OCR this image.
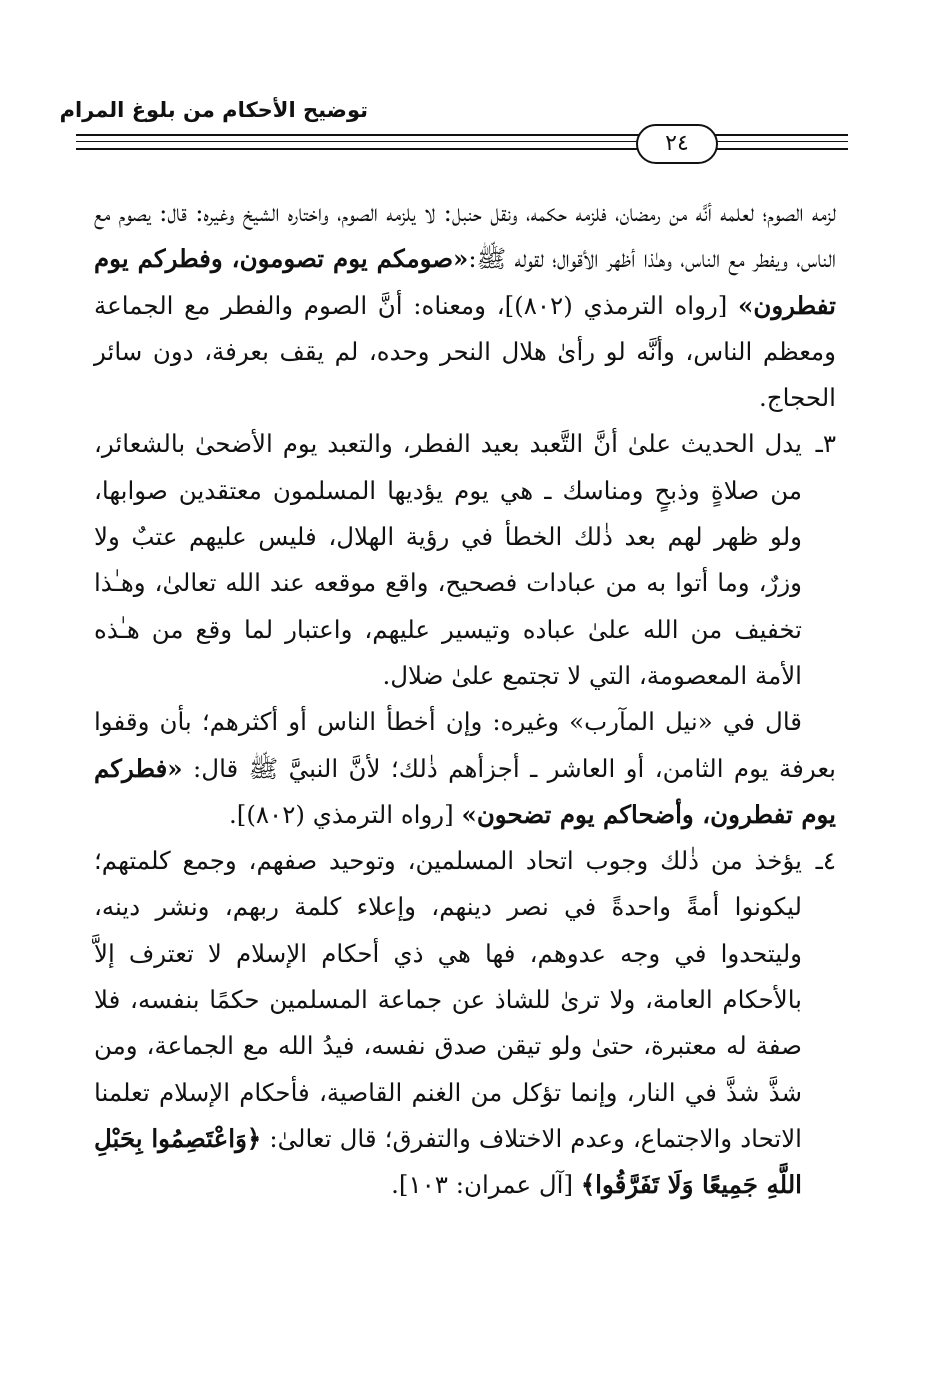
توضيح الأحكام من بلوغ المرام
٢٤

لزمه الصوم؛ لعلمه أنَّه من رمضان، فلزمه حكمه، ونقل حنبل: لا يلزمه الصوم، واختاره الشيخ وغيره: قال: يصوم مع الناس، ويفطر مع الناس، وهـٰذا أظهر الأقوال؛ لقوله ﷺ:«صومكم يوم تصومون، وفطركم يوم تفطرون» [رواه الترمذي (٨٠٢)]، ومعناه: أنَّ الصوم والفطر مع الجماعة ومعظم الناس، وأنَّه لو رأىٰ هلال النحر وحده، لم يقف بعرفة، دون سائر الحجاج.

٣ـيدل الحديث علىٰ أنَّ التَّعبد بعيد الفطر، والتعبد يوم الأضحىٰ بالشعائر، من صلاةٍ وذبحٍ ومناسك ـ هي يوم يؤديها المسلمون معتقدين صوابها، ولو ظهر لهم بعد ذٰلك الخطأ في رؤية الهلال، فليس عليهم عتبٌ ولا وزرٌ، وما أتوا به من عبادات فصحيح، واقع موقعه عند الله تعالىٰ، وهـٰذا تخفيف من الله علىٰ عباده وتيسير عليهم، واعتبار لما وقع من هـٰذه الأمة المعصومة، التي لا تجتمع علىٰ ضلال.

قال في «نيل المآرب» وغيره: وإن أخطأ الناس أو أكثرهم؛ بأن وقفوا بعرفة يوم الثامن، أو العاشر ـ أجزأهم ذٰلك؛ لأنَّ النبيَّ ﷺ قال: «فطركم يوم تفطرون، وأضحاكم يوم تضحون» [رواه الترمذي (٨٠٢)].

٤ـيؤخذ من ذٰلك وجوب اتحاد المسلمين، وتوحيد صفهم، وجمع كلمتهم؛ ليكونوا أمةً واحدةً في نصر دينهم، وإعلاء كلمة ربهم، ونشر دينه، وليتحدوا في وجه عدوهم، فها هي ذي أحكام الإسلام لا تعترف إلاَّ بالأحكام العامة، ولا ترىٰ للشاذ عن جماعة المسلمين حكمًا بنفسه، فلا صفة له معتبرة، حتىٰ ولو تيقن صدق نفسه، فيدُ الله مع الجماعة، ومن شذَّ شذَّ في النار، وإنما تؤكل من الغنم القاصية، فأحكام الإسلام تعلمنا الاتحاد والاجتماع، وعدم الاختلاف والتفرق؛ قال تعالىٰ: ﴿وَاعْتَصِمُوا بِحَبْلِ اللَّهِ جَمِيعًا وَلَا تَفَرَّقُوا﴾ [آل عمران: ١٠٣].
